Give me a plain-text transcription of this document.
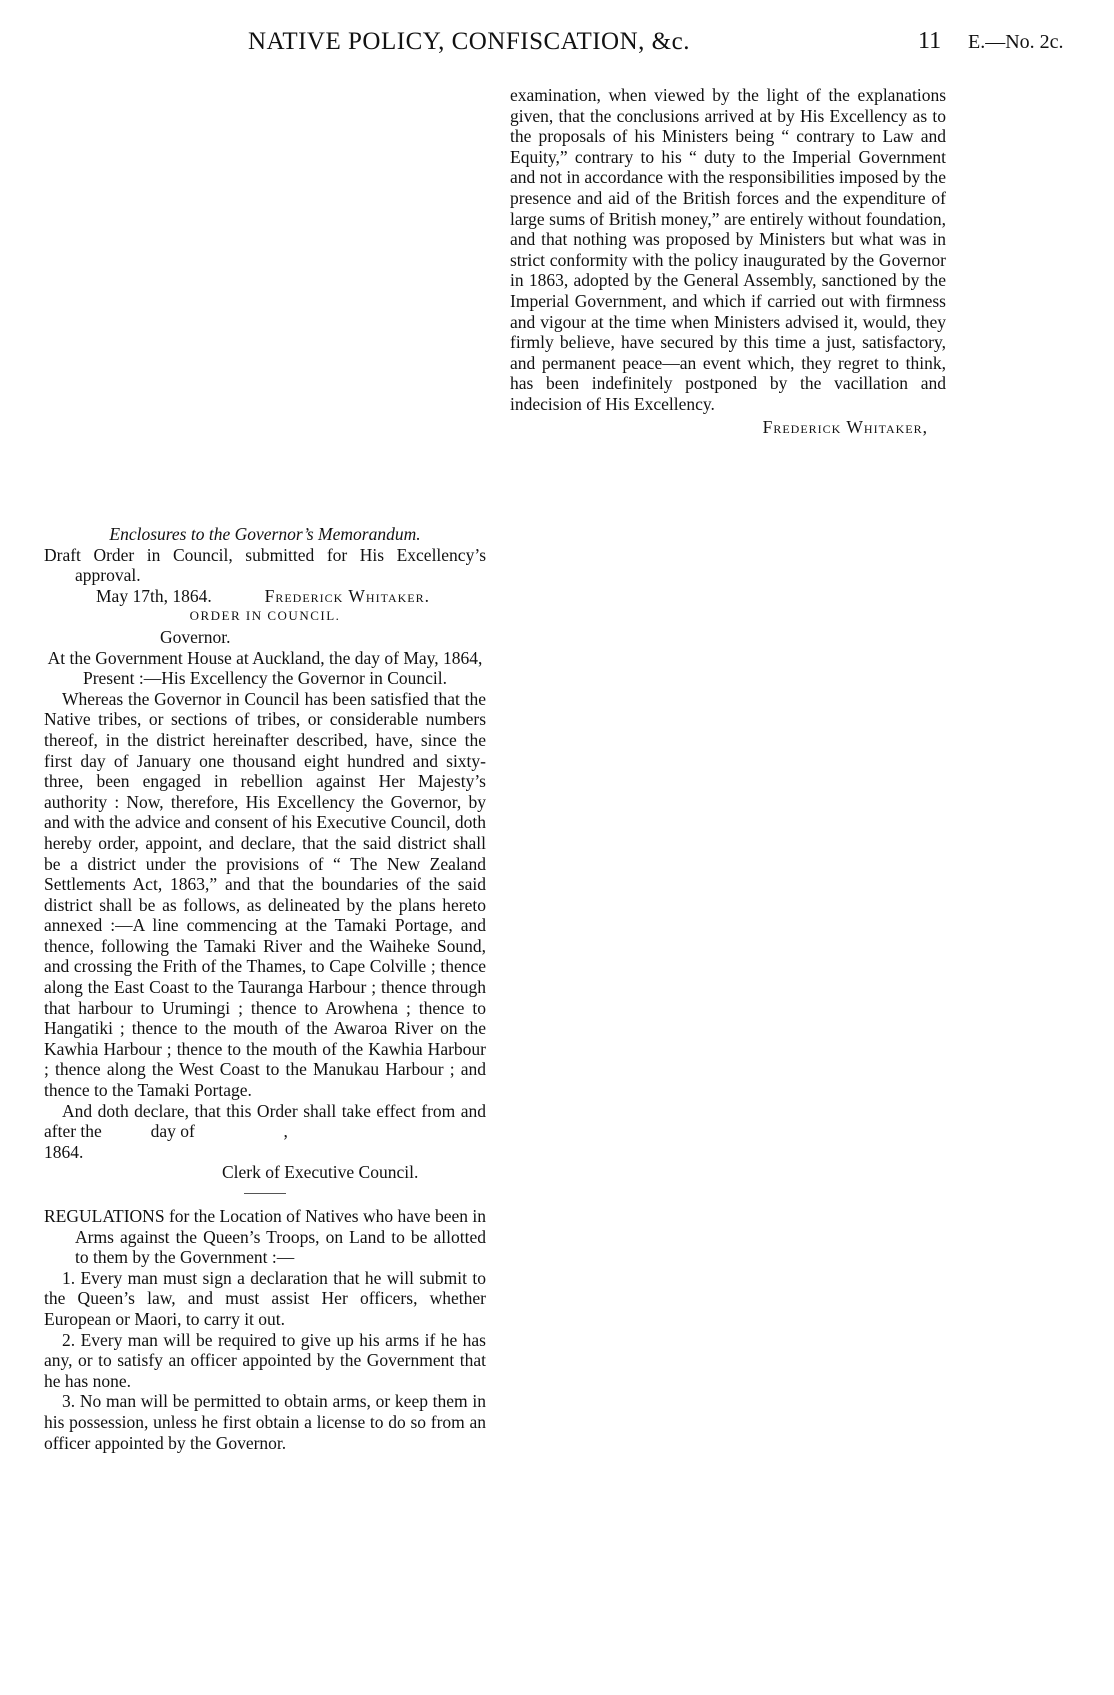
NATIVE POLICY, CONFISCATION, &c.	11 E.—No. 2c.

examination, when viewed by the light of the explanations given, that the conclusions arrived at by His Excellency as to the proposals of his Ministers being “ contrary to Law and Equity,” contrary to his “ duty to the Imperial Government and not in accordance with the responsibilities imposed by the presence and aid of the British forces and the expenditure of large sums of British money,” are entirely without foundation, and that nothing was proposed by Ministers but what was in strict conformity with the policy inaugurated by the Governor in 1863, adopted by the General Assembly, sanctioned by the Imperial Government, and which if carried out with firmness and vigour at the time when Ministers advised it, would, they firmly believe, have secured by this time a just, satisfactory, and permanent peace—an event which, they regret to think, has been indefinitely postponed by the vacillation and indecision of His Excellency.

Frederick Whitaker,

Enclosures to the Governor’s Memorandum.

Draft Order in Council, submitted for His Excellency’s approval.

May 17th, 1864.	Frederick Whitaker.

ORDER IN COUNCIL.

Governor.

At the Government House at Auckland, the day of May, 1864,

Present :—His Excellency the Governor in Council.

Whereas the Governor in Council has been satisfied that the Native tribes, or sections of tribes, or considerable numbers thereof, in the district hereinafter described, have, since the first day of January one thousand eight hundred and sixty-three, been engaged in rebellion against Her Majesty’s authority : Now, therefore, His Excellency the Governor, by and with the advice and consent of his Executive Council, doth hereby order, appoint, and declare, that the said district shall be a district under the provisions of “ The New Zealand Settlements Act, 1863,” and that the boundaries of the said district shall be as follows, as delineated by the plans hereto annexed :—A line commencing at the Tamaki Portage, and thence, following the Tamaki River and the Waiheke Sound, and crossing the Frith of the Thames, to Cape Colville ; thence along the East Coast to the Tauranga Harbour ; thence through that harbour to Urumingi ; thence to Arowhena ; thence to Hangatiki ; thence to the mouth of the Awaroa River on the Kawhia Harbour ; thence to the mouth of the Kawhia Harbour ; thence along the West Coast to the Manukau Harbour ; and thence to the Tamaki Portage.

And doth declare, that this Order shall take effect from and after the	day of	,
1864.

Clerk of Executive Council.

REGULATIONS for the Location of Natives who have been in Arms against the Queen’s Troops, on Land to be allotted to them by the Government :—

1. Every man must sign a declaration that he will submit to the Queen’s law, and must assist Her officers, whether European or Maori, to carry it out.

2. Every man will be required to give up his arms if he has any, or to satisfy an officer appointed by the Government that he has none.

3. No man will be permitted to obtain arms, or keep them in his possession, unless he first obtain a license to do so from an officer appointed by the Governor.
